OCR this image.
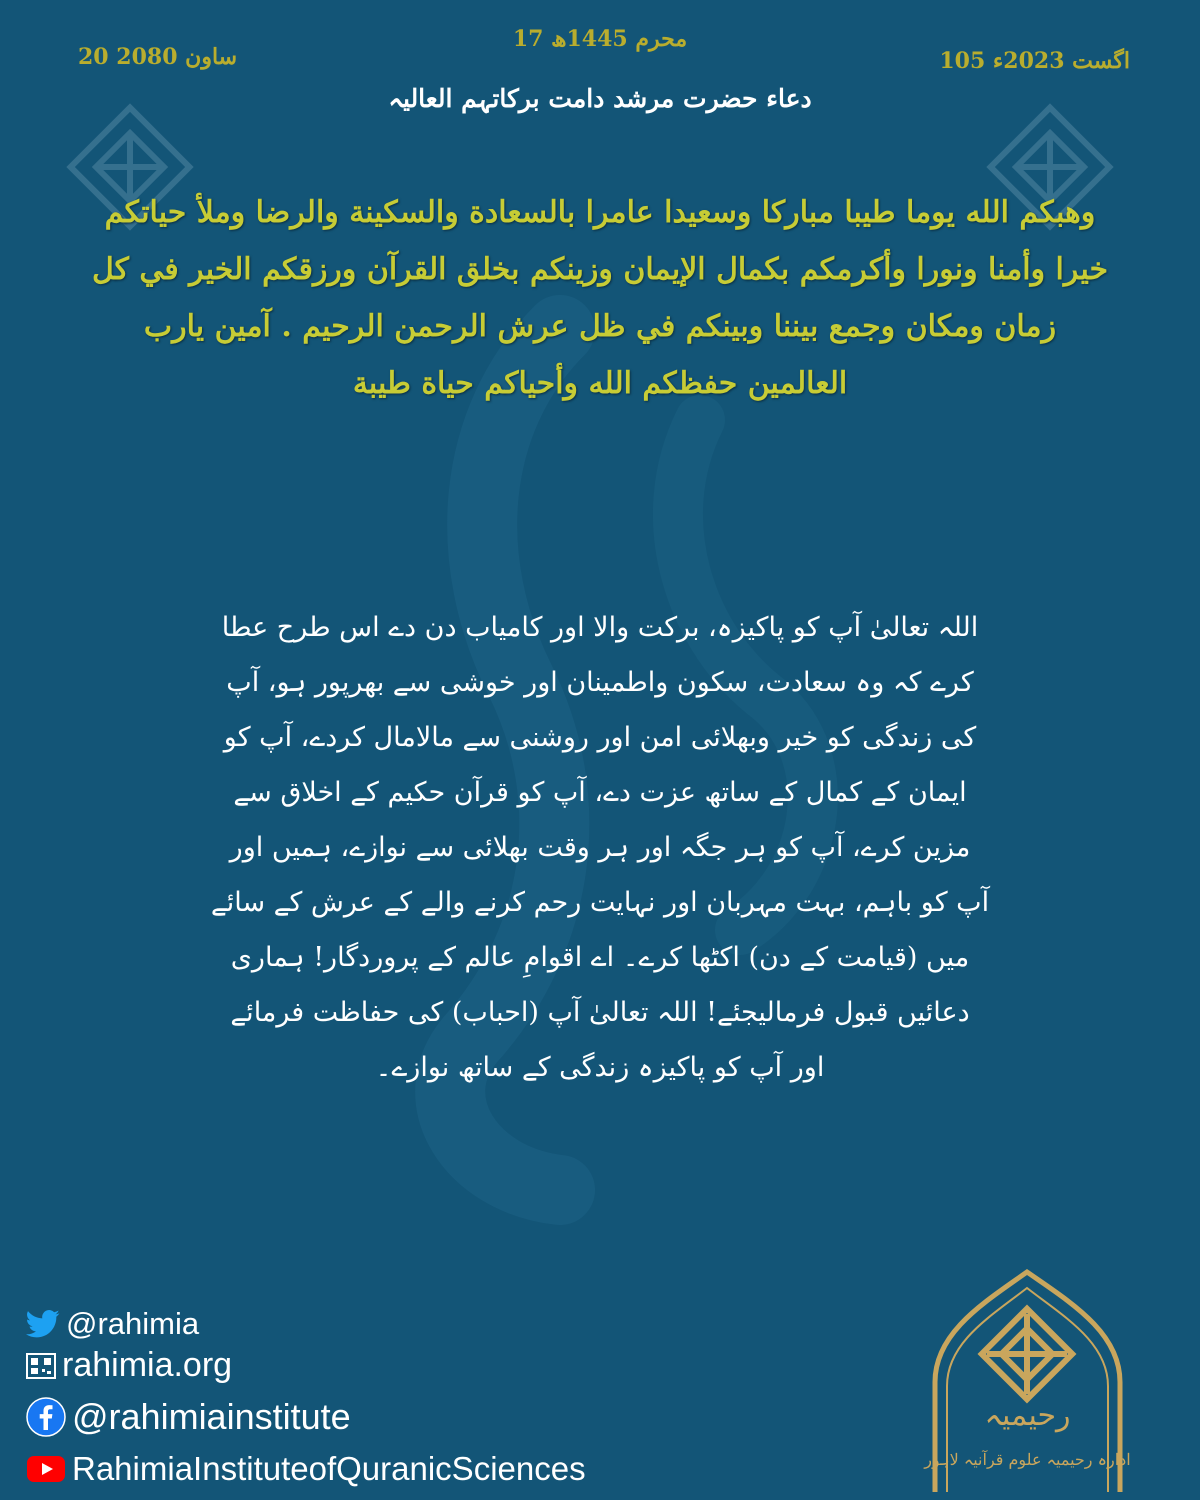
17 محرم 1445ھ
105 اگست 2023ء
20 ساون 2080
دعاء حضرت مرشد دامت برکاتہم العالیہ
وهبكم الله يوما طيبا مباركا وسعيدا عامرا بالسعادة والسكينة والرضا وملأ حياتكم خيرا وأمنا ونورا وأكرمكم بكمال الإيمان وزينكم بخلق القرآن ورزقكم الخير في كل زمان ومكان وجمع بيننا وبينكم في ظل عرش الرحمن الرحيم . آمين يارب العالمين حفظكم الله وأحياكم حياة طيبة
اللہ تعالیٰ آپ کو پاکیزہ، برکت والا اور کامیاب دن دے اس طرح عطا کرے کہ وہ سعادت، سکون واطمینان اور خوشی سے بھرپور ہو، آپ کی زندگی کو خیر وبھلائی امن اور روشنی سے مالامال کردے، آپ کو ایمان کے کمال کے ساتھ عزت دے، آپ کو قرآن حکیم کے اخلاق سے مزین کرے، آپ کو ہر جگہ اور ہر وقت بھلائی سے نوازے، ہمیں اور آپ کو باہم، بہت مہربان اور نہایت رحم کرنے والے کے عرش کے سائے میں (قیامت کے دن) اکٹھا کرے۔ اے اقوامِ عالم کے پروردگار! ہماری دعائیں قبول فرمالیجئے! اللہ تعالیٰ آپ (احباب) کی حفاظت فرمائے اور آپ کو پاکیزہ زندگی کے ساتھ نوازے۔
@rahimia
rahimia.org
@rahimiainstitute
RahimiaInstituteofQuranicSciences
رحیمیہ
ادارہ رحیمیہ علوم قرآنیہ لاہور
